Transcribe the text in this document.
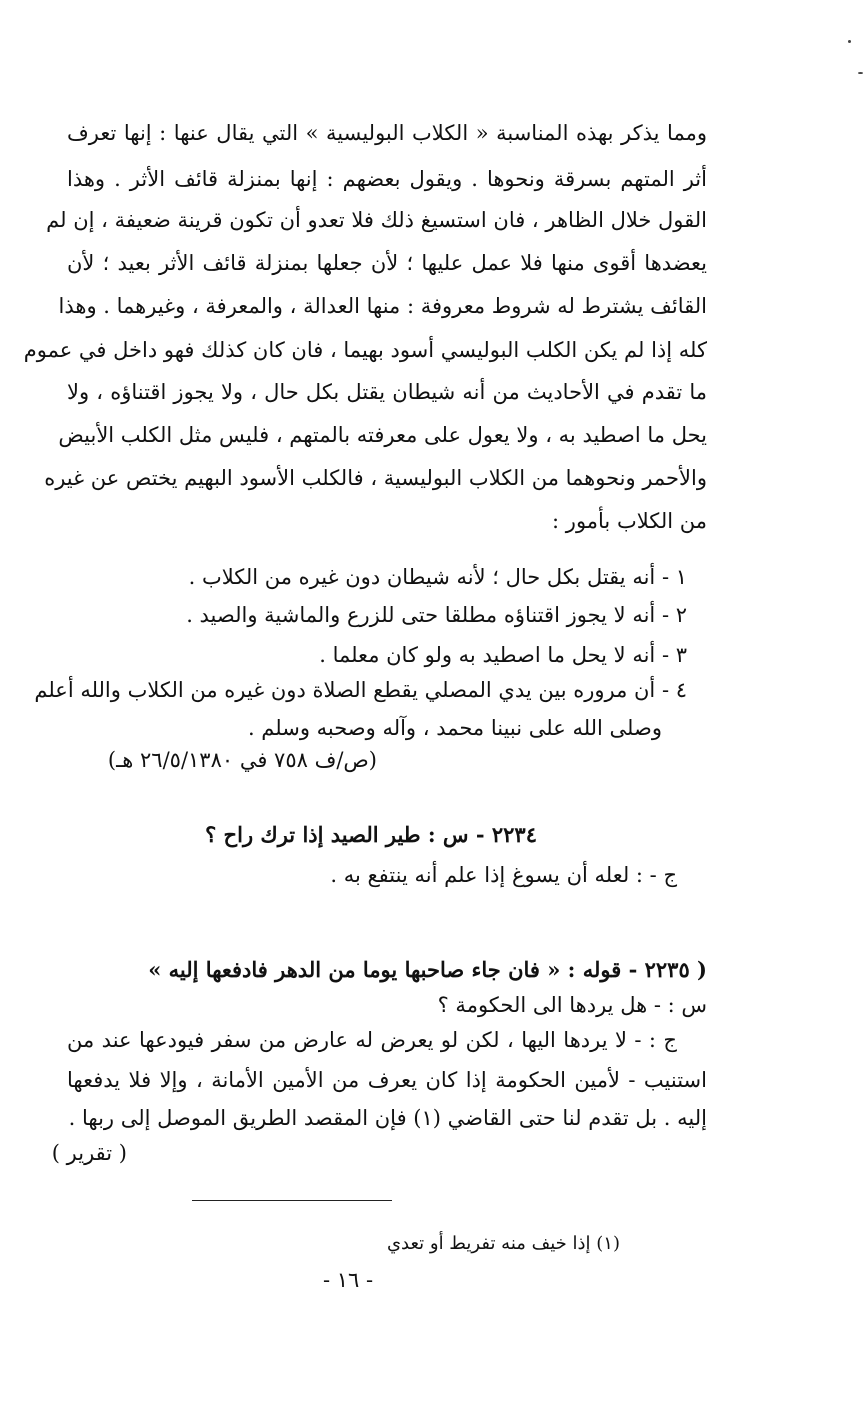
ومما يذكر بهذه المناسبة « الكلاب البوليسية » التي يقال عنها : إنها تعرف
أثر المتهم بسرقة ونحوها . ويقول بعضهم : إنها بمنزلة قائف الأثر . وهذا
القول خلال الظاهر ، فان استسيغ ذلك فلا تعدو أن تكون قرينة ضعيفة ، إن لم
يعضدها أقوى منها فلا عمل عليها ؛ لأن جعلها بمنزلة قائف الأثر بعيد ؛ لأن
القائف يشترط له شروط معروفة : منها العدالة ، والمعرفة ، وغيرهما . وهذا
كله إذا لم يكن الكلب البوليسي أسود بهيما ، فان كان كذلك فهو داخل في عموم
ما تقدم في الأحاديث من أنه شيطان يقتل بكل حال ، ولا يجوز اقتناؤه ، ولا
يحل ما اصطيد به ، ولا يعول على معرفته بالمتهم ، فليس مثل الكلب الأبيض
والأحمر ونحوهما من الكلاب البوليسية ، فالكلب الأسود البهيم يختص عن غيره
من الكلاب بأمور :
١ - أنه يقتل بكل حال ؛ لأنه شيطان دون غيره من الكلاب .
٢ - أنه لا يجوز اقتناؤه مطلقا حتى للزرع والماشية والصيد .
٣ - أنه لا يحل ما اصطيد به ولو كان معلما .
٤ - أن مروره بين يدي المصلي يقطع الصلاة دون غيره من الكلاب والله أعلم
وصلى الله على نبينا محمد ، وآله وصحبه وسلم .
(ص/ف ٧٥٨ في ٢٦/٥/١٣٨٠ هـ)
٢٢٣٤ - س : طير الصيد إذا ترك راح ؟
ج - : لعله أن يسوغ إذا علم أنه ينتفع به .
( ٢٢٣٥ - قوله : « فان جاء صاحبها يوما من الدهر فادفعها إليه »
س : - هل يردها الى الحكومة ؟
ج : - لا يردها اليها ، لكن لو يعرض له عارض من سفر فيودعها عند من
استنيب - لأمين الحكومة إذا كان يعرف من الأمين الأمانة ، وإلا فلا يدفعها
إليه . بل تقدم لنا حتى القاضي (١) فإن المقصد الطريق الموصل إلى ربها .
( تقرير )
(١) إذا خيف منه تفريط أو تعدي
- ١٦ -
